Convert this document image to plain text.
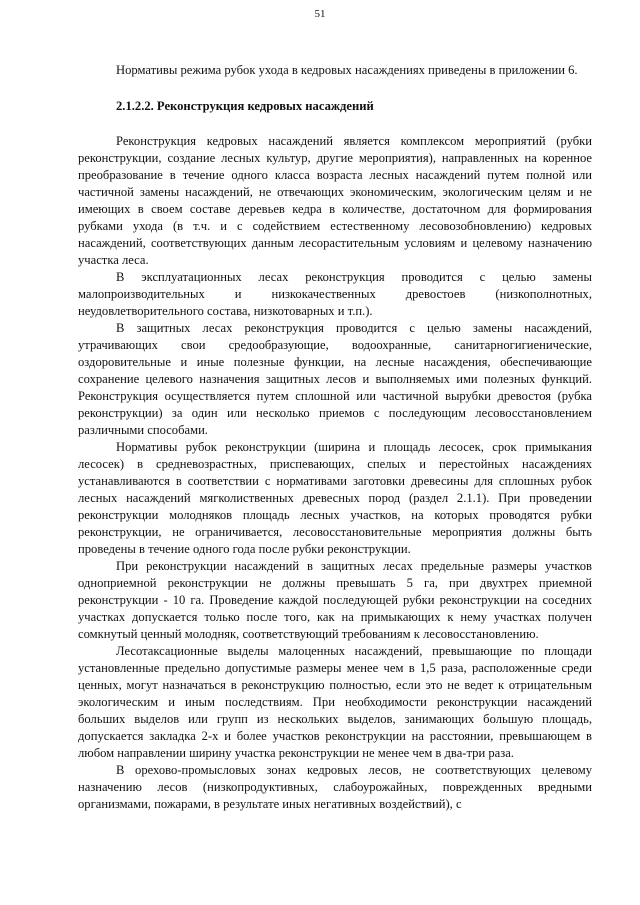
51

Нормативы режима рубок ухода в кедровых насаждениях приведены в приложении 6.

2.1.2.2. Реконструкция кедровых насаждений

Реконструкция кедровых насаждений является комплексом мероприятий (рубки реконструкции, создание лесных культур, другие мероприятия), направленных на коренное преобразование в течение одного класса возраста лесных насаждений путем полной или частичной замены насаждений, не отвечающих экономическим, экологическим целям и не имеющих в своем составе деревьев кедра в количестве, достаточном для формирования рубками ухода (в т.ч. и с содействием естественному лесовозобновлению) кедровых насаждений, соответствующих данным лесорастительным условиям и целевому назначению участка леса.

В эксплуатационных лесах реконструкция проводится с целью замены малопроизводительных и низкокачественных древостоев (низкополнотных, неудовлетворительного состава, низкотоварных и т.п.).

В защитных лесах реконструкция проводится с целью замены насаждений, утрачивающих свои средообразующие, водоохранные, санитарногигиенические, оздоровительные и иные полезные функции, на лесные насаждения, обеспечивающие сохранение целевого назначения защитных лесов и выполняемых ими полезных функций. Реконструкция осуществляется путем сплошной или частичной вырубки древостоя (рубка реконструкции) за один или несколько приемов с последующим лесовосстановлением различными способами.

Нормативы рубок реконструкции (ширина и площадь лесосек, срок примыкания лесосек) в средневозрастных, приспевающих, спелых и перестойных насаждениях устанавливаются в соответствии с нормативами заготовки древесины для сплошных рубок лесных насаждений мягколиственных древесных пород (раздел 2.1.1). При проведении реконструкции молодняков площадь лесных участков, на которых проводятся рубки реконструкции, не ограничивается, лесовосстановительные мероприятия должны быть проведены в течение одного года после рубки реконструкции.

При реконструкции насаждений в защитных лесах предельные размеры участков одноприемной реконструкции не должны превышать 5 га, при двухтрех приемной реконструкции - 10 га. Проведение каждой последующей рубки реконструкции на соседних участках допускается только после того, как на примыкающих к нему участках получен сомкнутый ценный молодняк, соответствующий требованиям к лесовосстановлению.

Лесотаксационные выделы малоценных насаждений, превышающие по площади установленные предельно допустимые размеры менее чем в 1,5 раза, расположенные среди ценных, могут назначаться в реконструкцию полностью, если это не ведет к отрицательным экологическим и иным последствиям. При необходимости реконструкции насаждений больших выделов или групп из нескольких выделов, занимающих большую площадь, допускается закладка 2-х и более участков реконструкции на расстоянии, превышающем в любом направлении ширину участка реконструкции не менее чем в два-три раза.

В орехово-промысловых зонах кедровых лесов, не соответствующих целевому назначению лесов (низкопродуктивных, слабоурожайных, поврежденных вредными организмами, пожарами, в результате иных негативных воздействий), с
